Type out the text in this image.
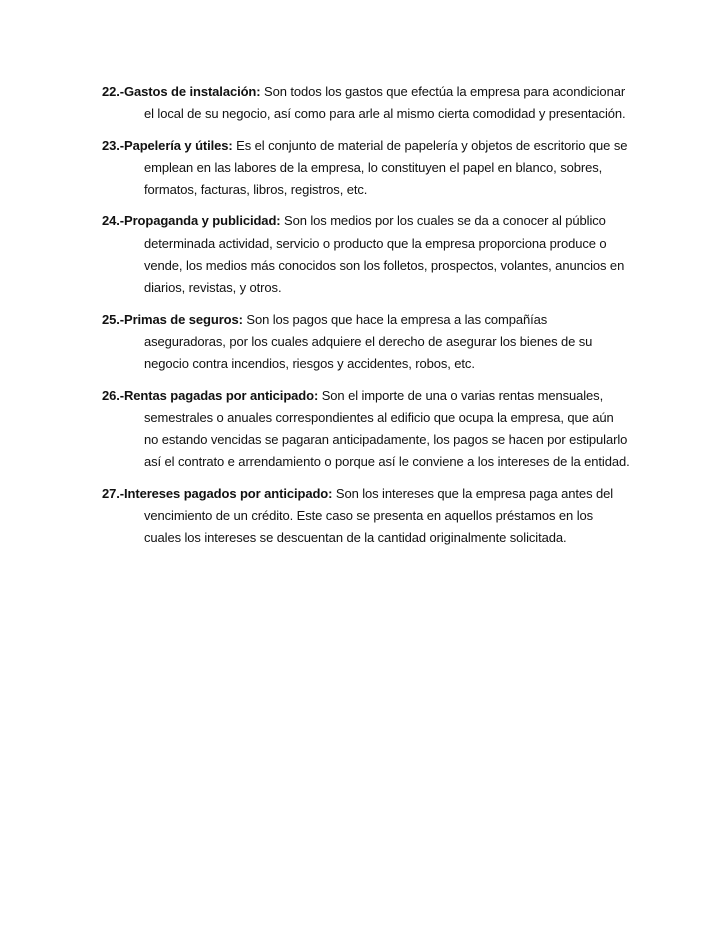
22.-Gastos de instalación: Son todos los gastos que efectúa la empresa para acondicionar el local de su negocio, así como para arle al mismo cierta comodidad y presentación.

23.-Papelería y útiles: Es el conjunto de material de papelería y objetos de escritorio que se emplean en las labores de la empresa, lo constituyen el papel en blanco, sobres, formatos, facturas, libros, registros, etc.

24.-Propaganda y publicidad: Son los medios por los cuales se da a conocer al público determinada actividad, servicio o producto que la empresa proporciona produce o vende, los medios más conocidos son los folletos, prospectos, volantes, anuncios en diarios, revistas, y otros.

25.-Primas de seguros: Son los pagos que hace la empresa a las compañías aseguradoras, por los cuales adquiere el derecho de asegurar los bienes de su negocio contra incendios, riesgos y accidentes, robos, etc.

26.-Rentas pagadas por anticipado: Son el importe de una o varias rentas mensuales, semestrales o anuales correspondientes al edificio que ocupa la empresa, que aún no estando vencidas se pagaran anticipadamente, los pagos se hacen por estipularlo así el contrato e arrendamiento o porque así le conviene a los intereses de la entidad.

27.-Intereses pagados por anticipado: Son los intereses que la empresa paga antes del vencimiento de un crédito. Este caso se presenta en aquellos préstamos en los cuales los intereses se descuentan de la cantidad originalmente solicitada.
